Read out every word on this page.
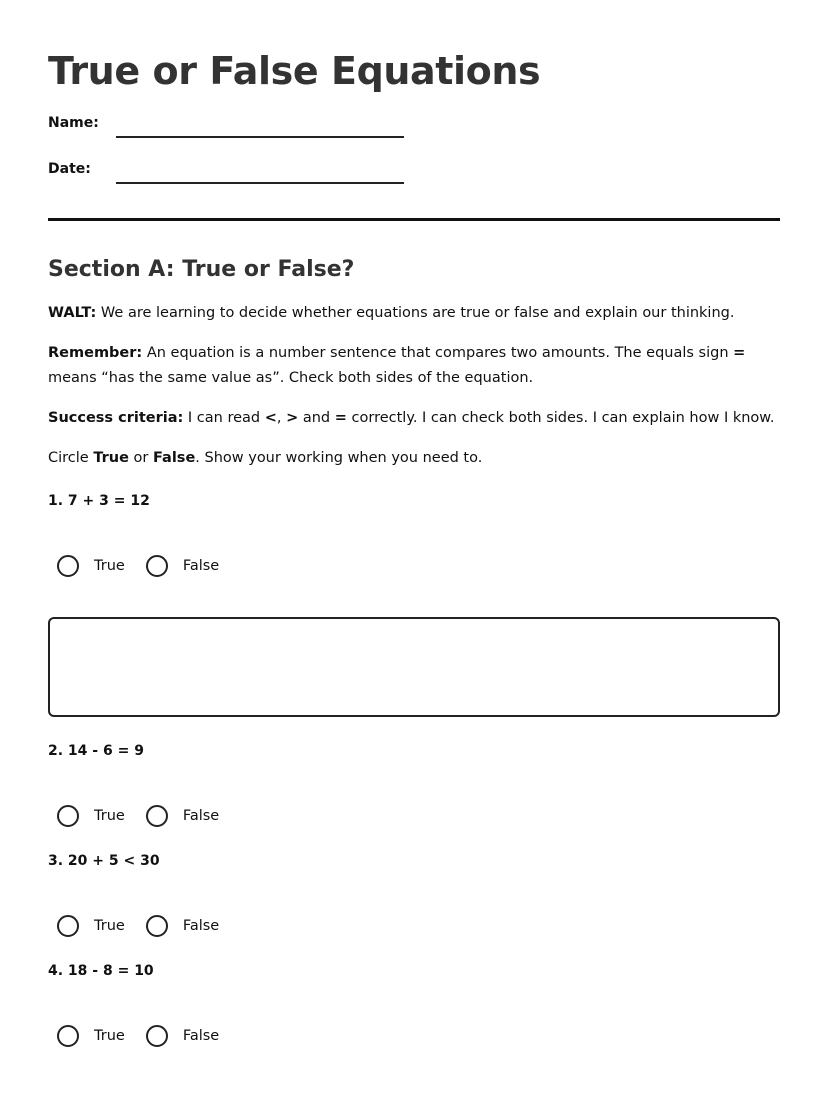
True or False Equations
Name:
Date:
Section A: True or False?

WALT: We are learning to decide whether equations are true or false and explain our thinking.

Remember: An equation is a number sentence that compares two amounts. The equals sign = means “has the same value as”. Check both sides of the equation.

Success criteria: I can read <, > and = correctly. I can check both sides. I can explain how I know.

Circle True or False. Show your working when you need to.

1. 7 + 3 = 12
True	False
2. 14 - 6 = 9
True	False
3. 20 + 5 < 30
True	False
4. 18 - 8 = 10
True	False
